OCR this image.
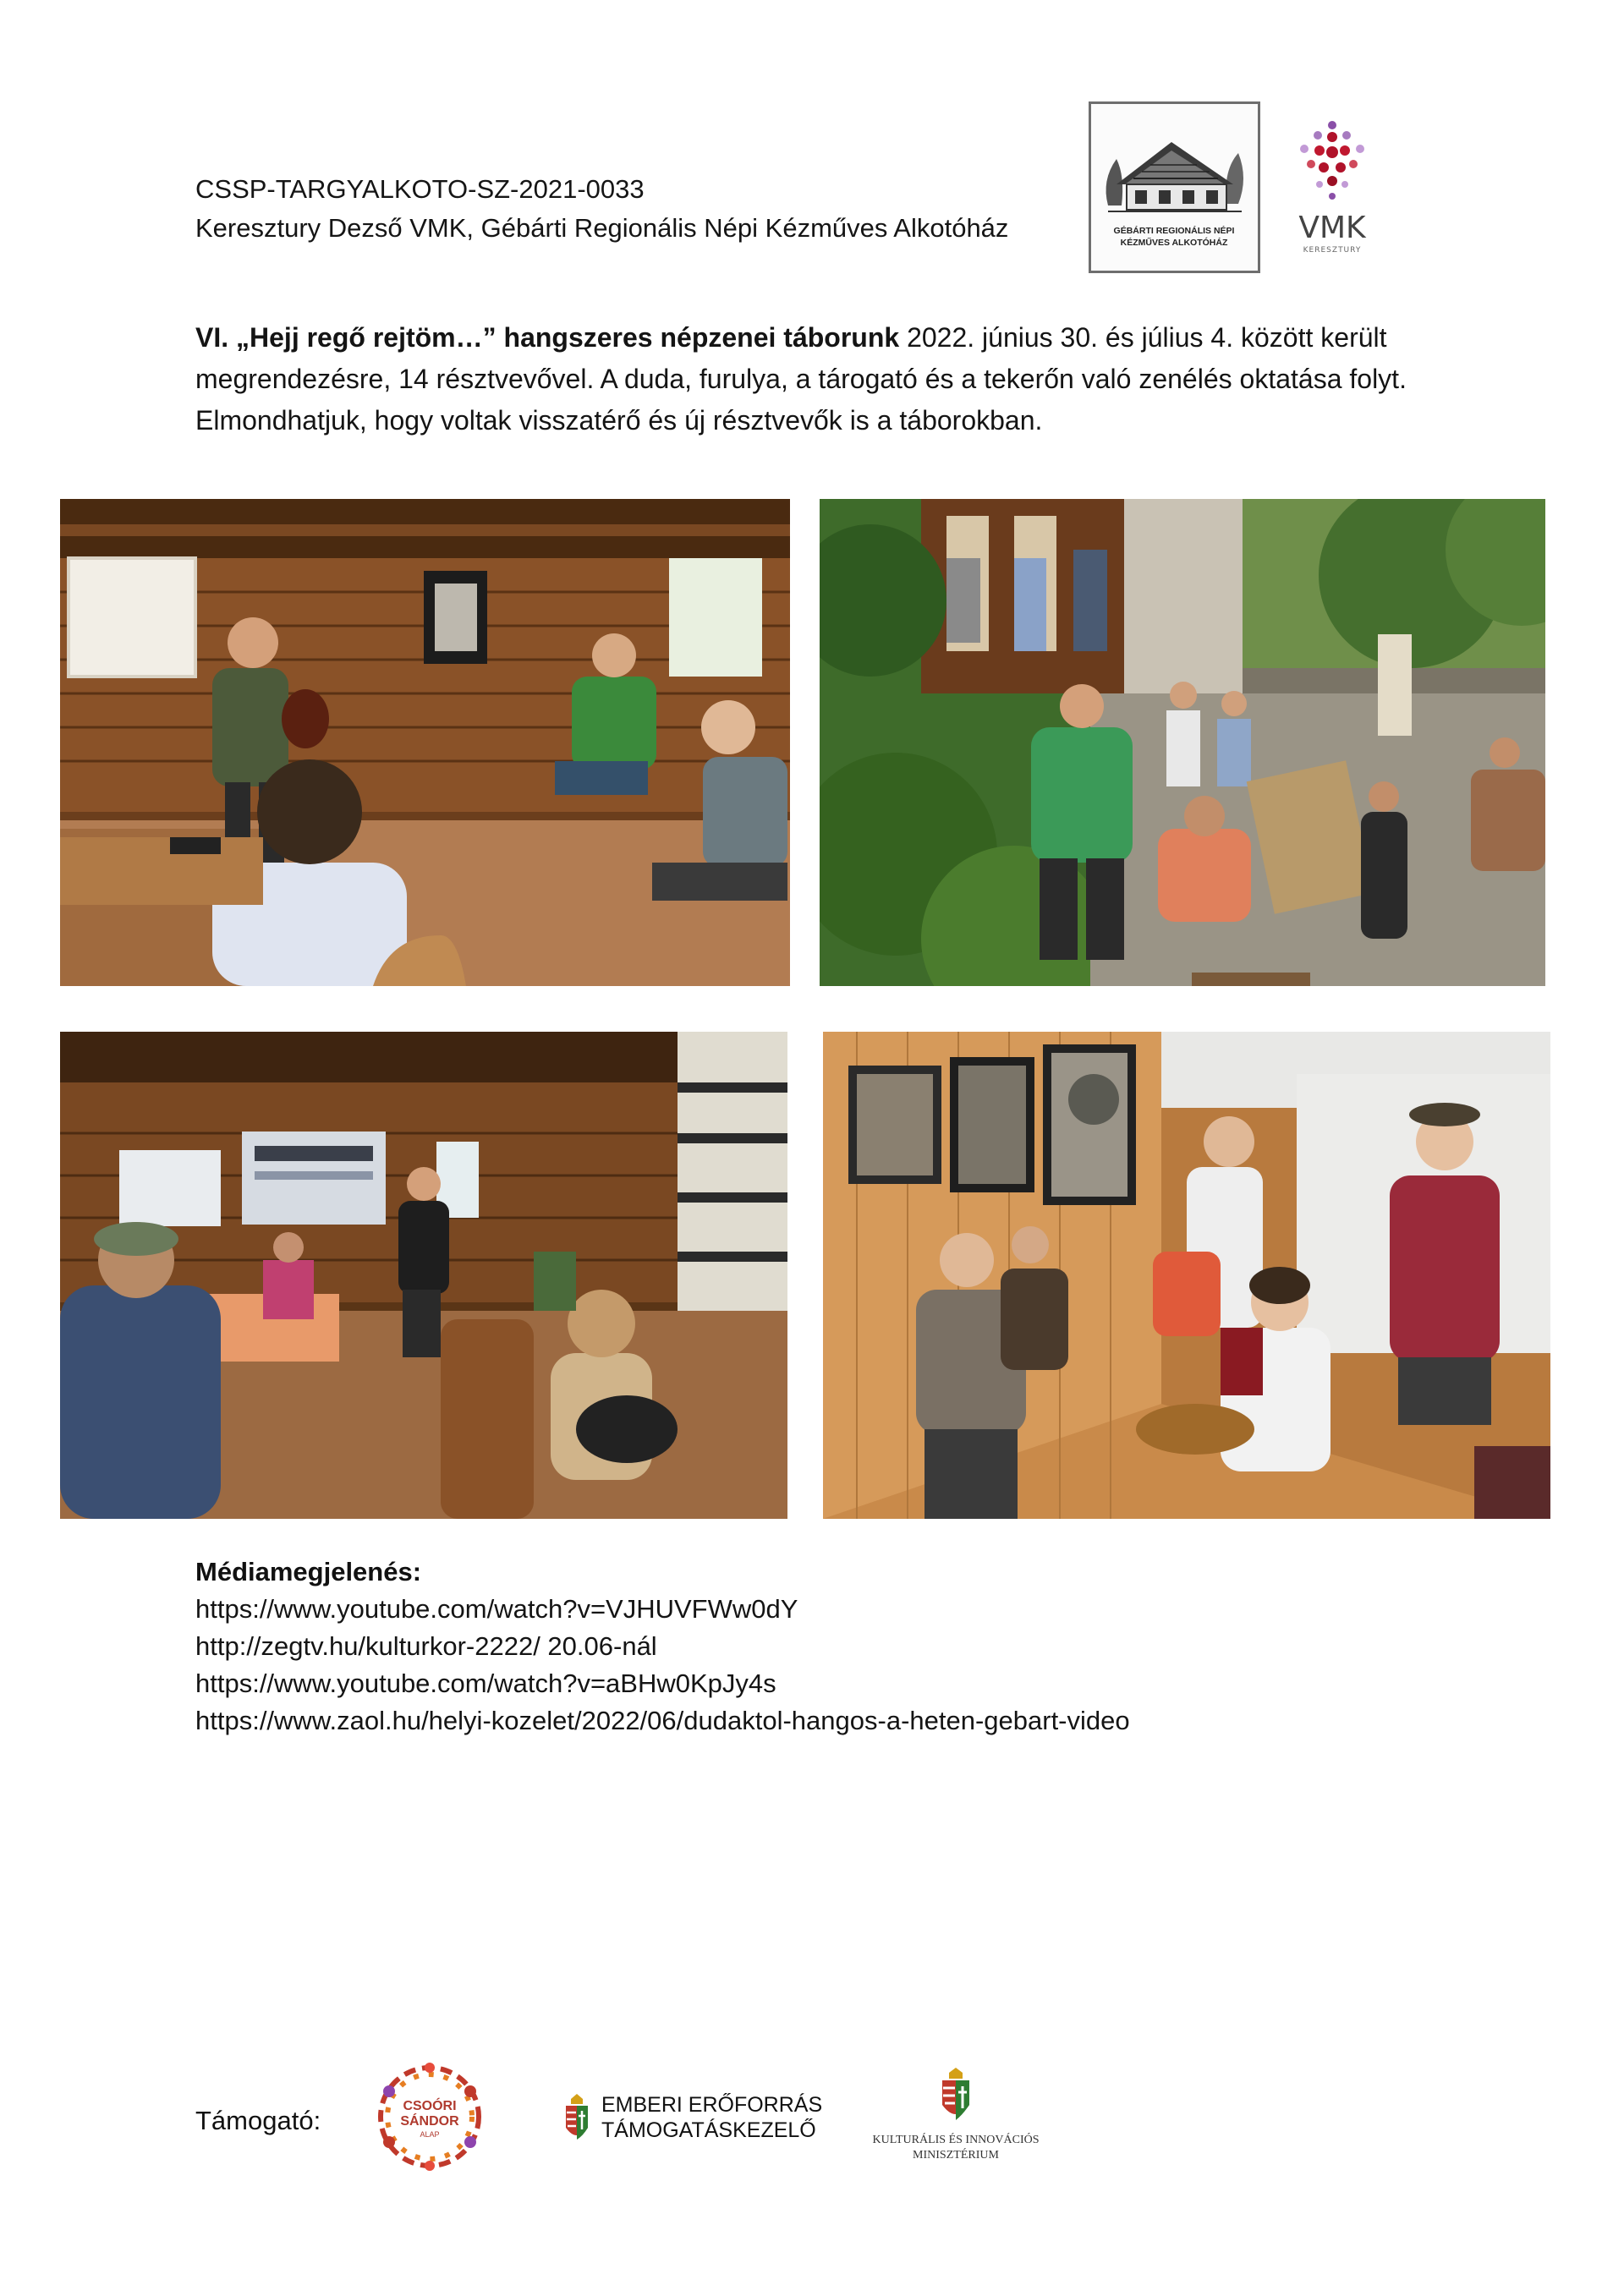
CSSP-TARGYALKOTO-SZ-2021-0033
Keresztury Dezső VMK, Gébárti Regionális Népi Kézműves Alkotóház	GÉBÁRTI REGIONÁLIS NÉPI
KÉZMŰVES ALKOTÓHÁZ VMK
KERESZTURY
VI. „Hejj regő rejtöm…” hangszeres népzenei táborunk 2022. június 30. és július 4. között került
megrendezésre, 14 résztvevővel. A duda, furulya, a tárogató és a tekerőn való zenélés oktatása folyt.
Elmondhatjuk, hogy voltak visszatérő és új résztvevők is a táborokban.
Médiamegjelenés:
https://www.youtube.com/watch?v=VJHUVFWw0dY
http://zegtv.hu/kulturkor-2222/ 20.06-nál
https://www.youtube.com/watch?v=aBHw0KpJy4s
https://www.zaol.hu/helyi-kozelet/2022/06/dudaktol-hangos-a-heten-gebart-video
Támogató:	CSOÓRI
SÁNDOR
ALAP
EMBERI ERŐFORRÁS
TÁMOGATÁSKEZELŐ	KULTURÁLIS ÉS INNOVÁCIÓS
MINISZTÉRIUM
